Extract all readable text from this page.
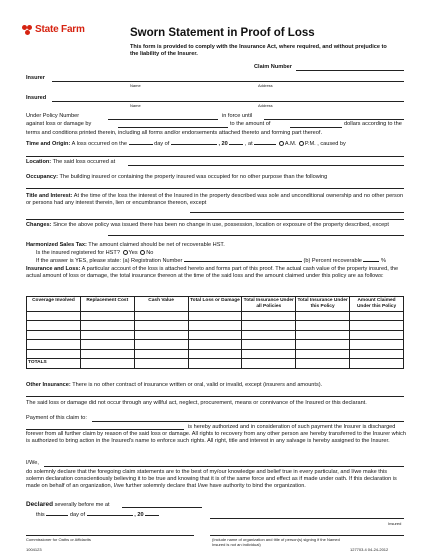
State Farm	Sworn Statement in Proof of Loss
This form is provided to comply with the Insurance Act, where required, and without prejudice to the liability of the Insurer.
Claim Number
Insurer
Name	Address
Insured
Name	Address
Under Policy Number	in force until
against loss or damage by	to the amount of	dollars according to the
terms and conditions printed therein, including all forms and/or endorsements attached thereto and forming part thereof.
Time and Origin: A loss occurred on the	day of	, 20	, at	A.M. P.M. , caused by
Location: The said loss occurred at
Occupancy: The building insured or containing the property insured was occupied for no other purpose than the following
Title and Interest: At the time of the loss the interest of the Insured in the property described was sole and unconditional ownership and no other person or persons had any interest therein, lien or encumbrance thereon, except
Changes: Since the above policy was issued there has been no change in use, possession, location or exposure of the property described, except
Harmonized Sales Tax: The amount claimed should be net of recoverable HST.
Is the insured registered for HST? Yes No
If the answer is YES, please state: (a) Registration Number	(b) Percent recoverable	%
Insurance and Loss: A particular account of the loss is attached hereto and forms part of this proof. The actual cash value of the property insured, the actual amount of loss or damage, the total insurance thereon at the time of the said loss and the amount claimed under this policy are as follows:
Coverage Involved	Replacement Cost	Cash Value	Total Loss or Damage	Total Insurance Under all Policies	Total Insurance Under this Policy	Amount Claimed Under this Policy

TOTALS						
Other Insurance: There is no other contract of insurance written or oral, valid or invalid, except (insurers and amounts).
The said loss or damage did not occur through any willful act, neglect, procurement, means or connivance of the Insured or this declarant.
Payment of this claim to:
is hereby authorized and in consideration of such payment the Insurer is discharged forever from all further claim by reason of the said loss or damage. All rights to recovery from any other person are hereby transferred to the Insurer which is authorized to bring action in the Insured's name to enforce such rights. All right, title and interest in any salvage is hereby assigned to the Insurer.
I/We,
do solemnly declare that the foregoing claim statements are to the best of my/our knowledge and belief true in every particular, and I/we make this solemn declaration conscientiously believing it to be true and knowing that it is of the same force and effect as if made under oath. If this declaration is made on behalf of an organization, I/we further solemnly declare that I/we have authority to bind the organization.
Declared severally before me at
this	day of	, 20
Insured
Commissioner for Oaths or Affidavits	(Include name of organization and title of person(s) signing if the Named Insured is not an individual)
1004123	127703.4 04-24-2012
